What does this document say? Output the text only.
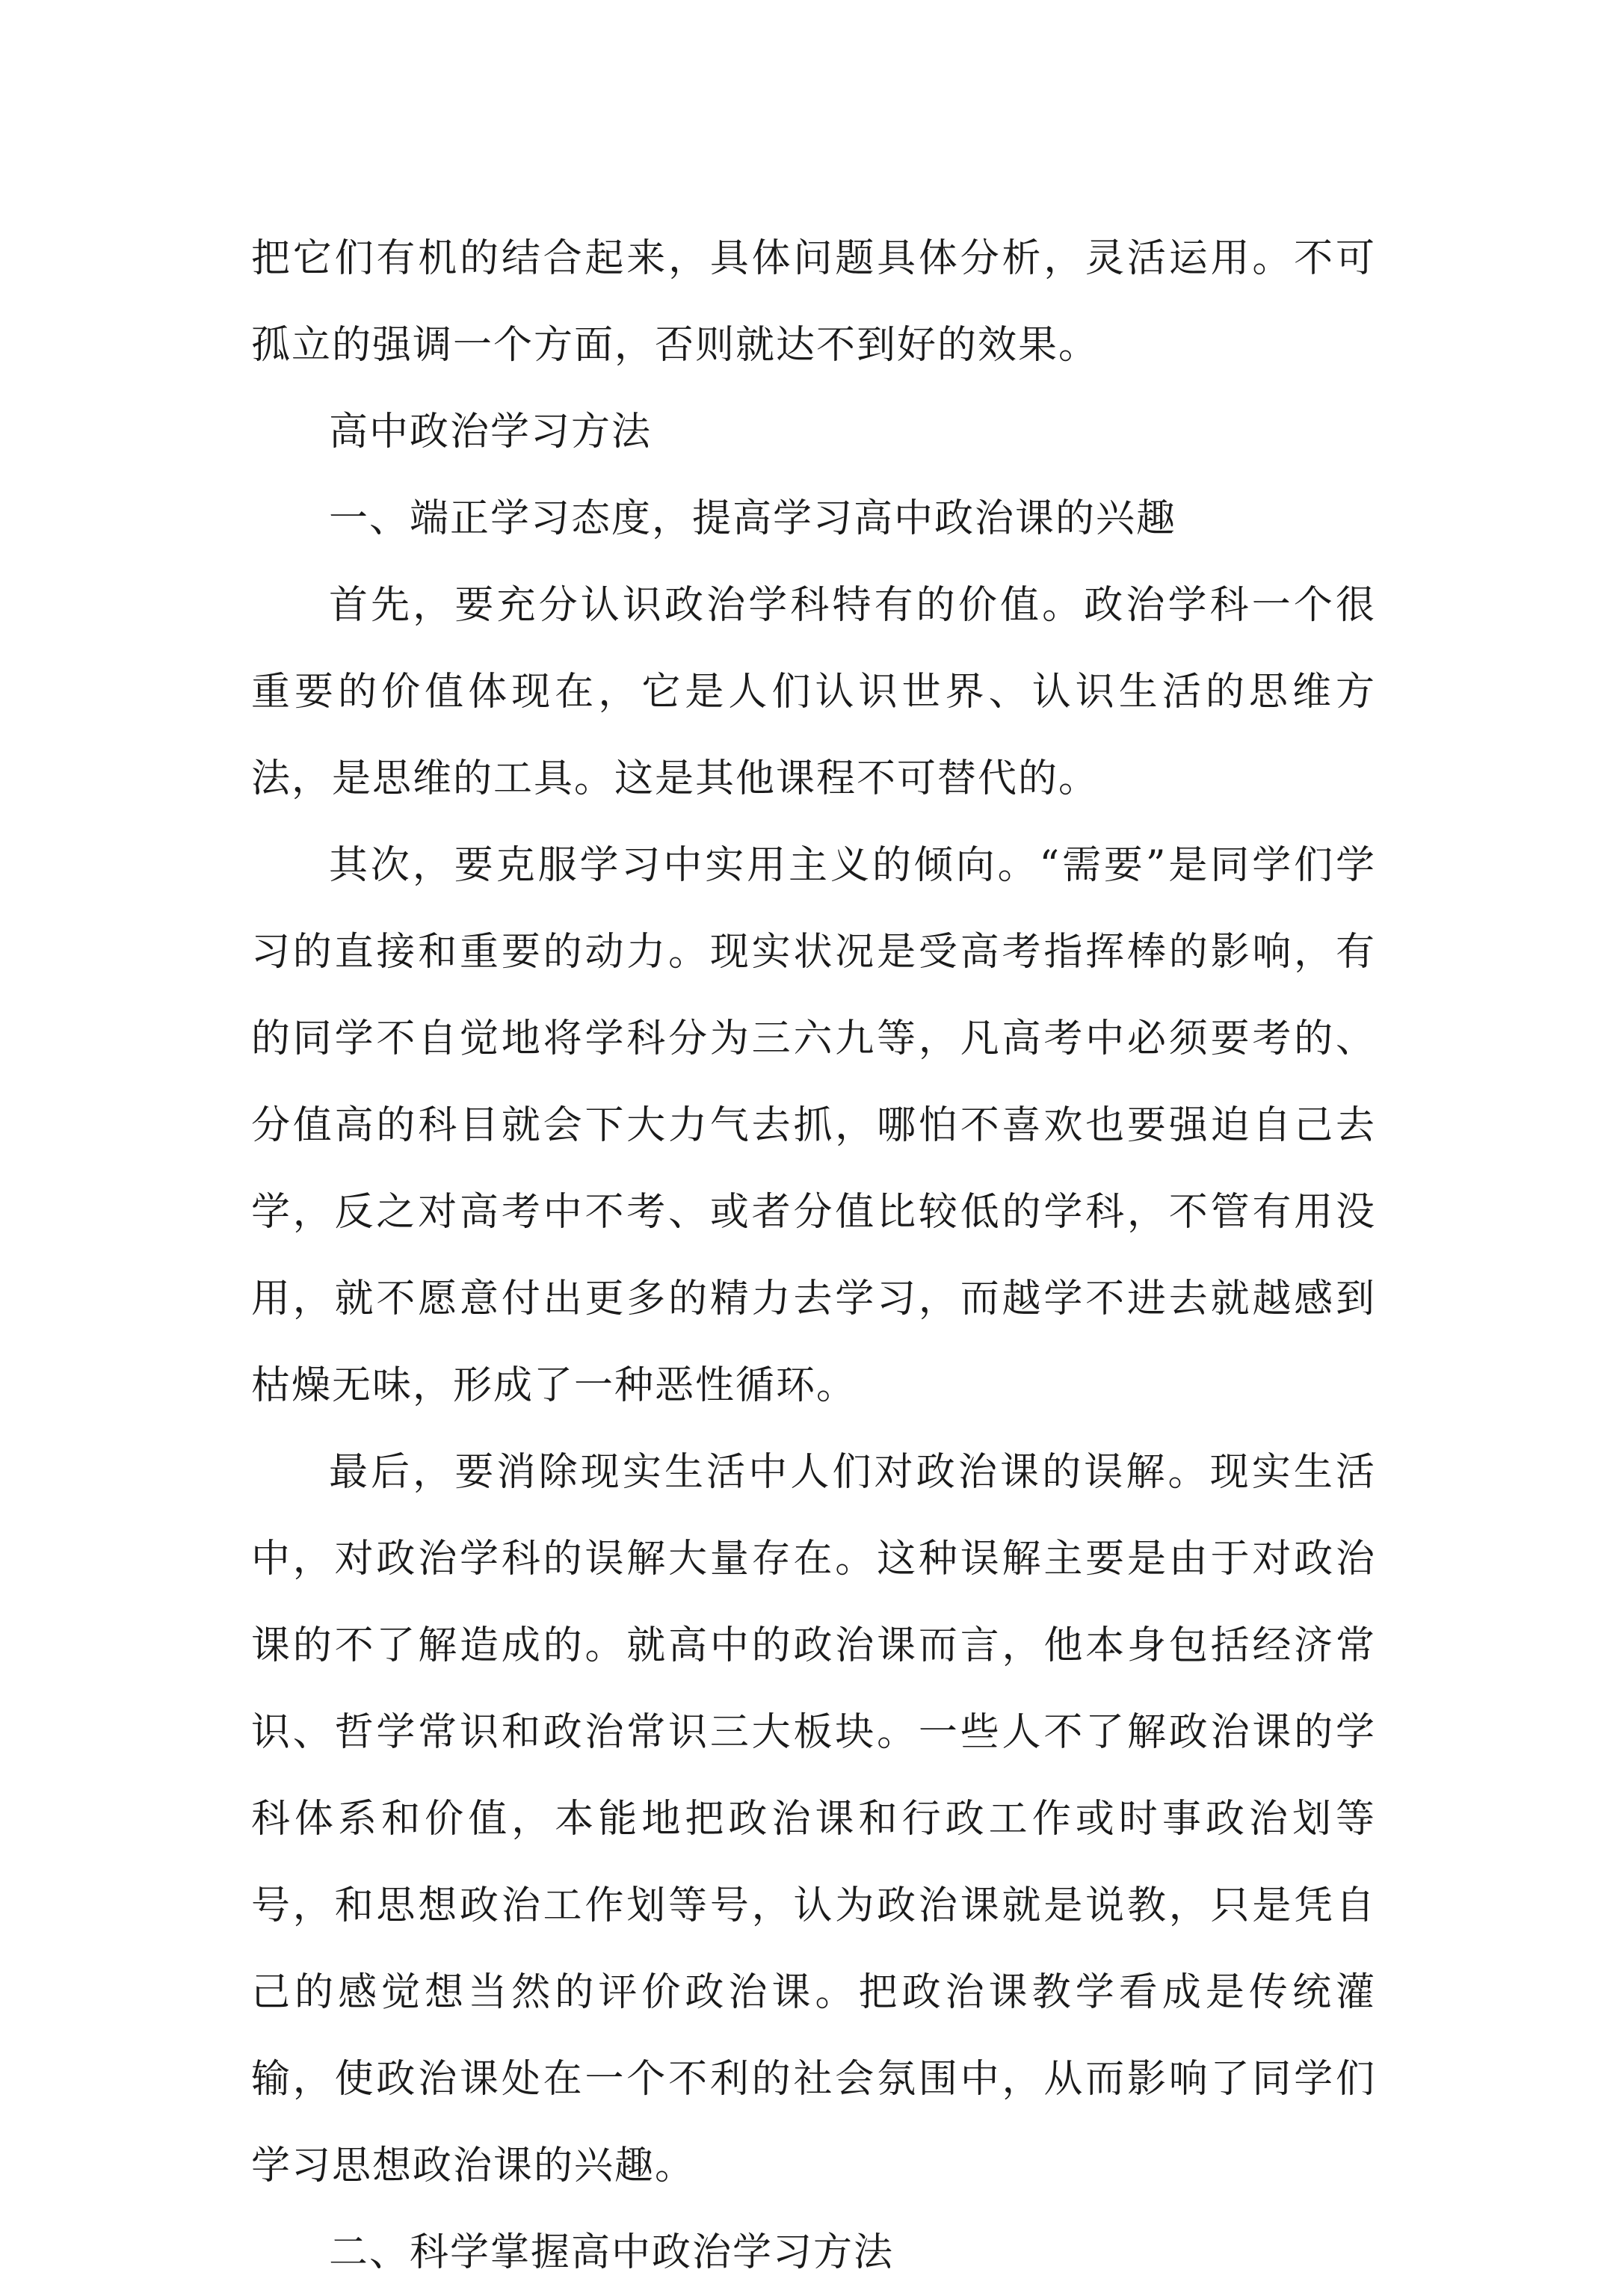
把它们有机的结合起来，具体问题具体分析，灵活运用。不可孤立的强调一个方面，否则就达不到好的效果。

高中政治学习方法

一、端正学习态度，提高学习高中政治课的兴趣

首先，要充分认识政治学科特有的价值。政治学科一个很重要的价值体现在，它是人们认识世界、认识生活的思维方法，是思维的工具。这是其他课程不可替代的。

其次，要克服学习中实用主义的倾向。“需要”是同学们学习的直接和重要的动力。现实状况是受高考指挥棒的影响，有的同学不自觉地将学科分为三六九等，凡高考中必须要考的、分值高的科目就会下大力气去抓，哪怕不喜欢也要强迫自己去学，反之对高考中不考、或者分值比较低的学科，不管有用没用，就不愿意付出更多的精力去学习，而越学不进去就越感到枯燥无味，形成了一种恶性循环。

最后，要消除现实生活中人们对政治课的误解。现实生活中，对政治学科的误解大量存在。这种误解主要是由于对政治课的不了解造成的。就高中的政治课而言，他本身包括经济常识、哲学常识和政治常识三大板块。一些人不了解政治课的学科体系和价值，本能地把政治课和行政工作或时事政治划等号，和思想政治工作划等号，认为政治课就是说教，只是凭自己的感觉想当然的评价政治课。把政治课教学看成是传统灌输，使政治课处在一个不利的社会氛围中，从而影响了同学们学习思想政治课的兴趣。

二、科学掌握高中政治学习方法
